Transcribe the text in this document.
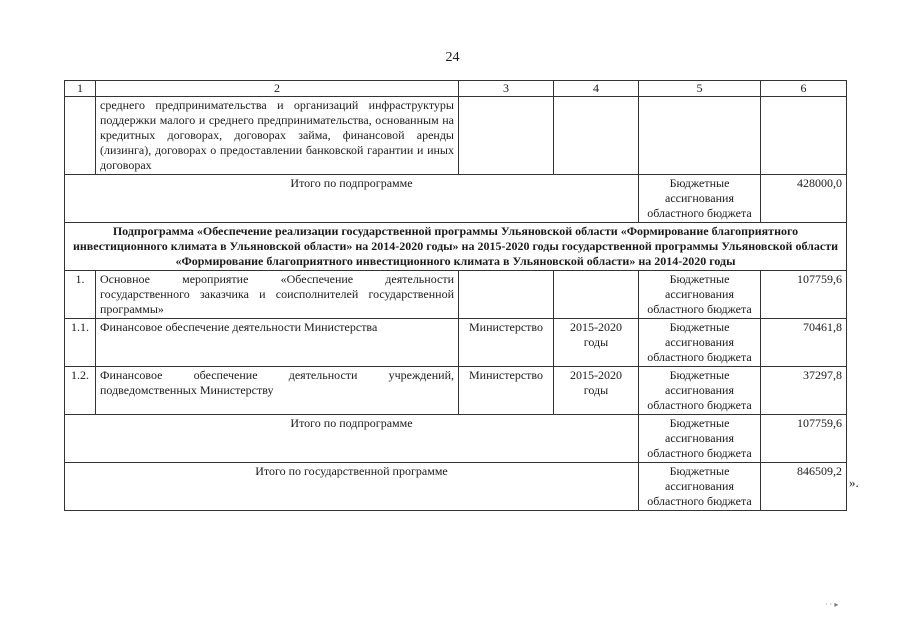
24
1	2	3	4	5	6
	среднего предпринимательства и организаций инфраструктуры поддержки малого и среднего предпринимательства, основанным на кредитных договорах, договорах займа, финансовой аренды (лизинга), договорах о предоставлении банковской гарантии и иных договорах				
Итого по подпрограмме				Бюджетные ассигнования областного бюджета	428000,0
Подпрограмма «Обеспечение реализации государственной программы Ульяновской области «Формирование благоприятного инвестиционного климата в Ульяновской области» на 2014-2020 годы» на 2015-2020 годы государственной программы Ульяновской области «Формирование благоприятного инвестиционного климата в Ульяновской области» на 2014-2020 годы					
1.	Основное мероприятие «Обеспечение деятельности государственного заказчика и соисполнителей государственной программы»			Бюджетные ассигнования областного бюджета	107759,6
1.1.	Финансовое обеспечение деятельности Министерства	Министерство	2015-2020 годы	Бюджетные ассигнования областного бюджета	70461,8
1.2.	Финансовое обеспечение деятельности учреждений, подведомственных Министерству	Министерство	2015-2020 годы	Бюджетные ассигнования областного бюджета	37297,8
Итого по подпрограмме				Бюджетные ассигнования областного бюджета	107759,6
Итого по государственной программе				Бюджетные ассигнования областного бюджета	846509,2
».
· · ▸
